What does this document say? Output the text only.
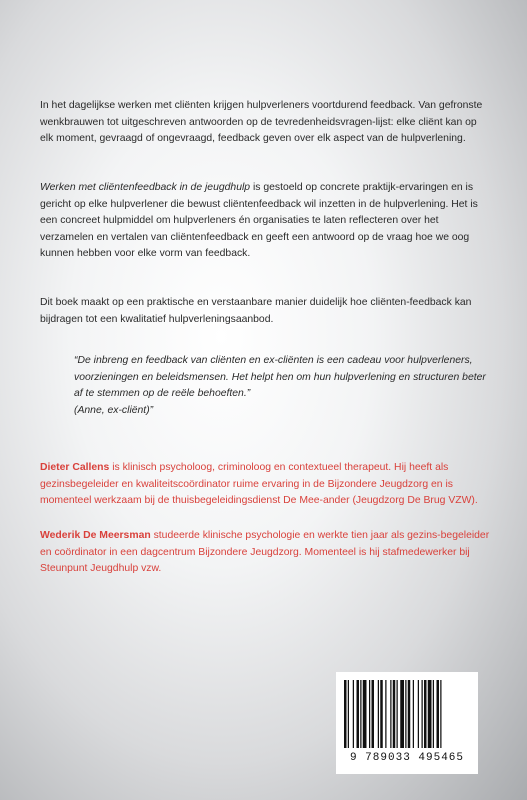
In het dagelijkse werken met cliënten krijgen hulpverleners voortdurend feedback. Van gefronste wenkbrauwen tot uitgeschreven antwoorden op de tevredenheidsvragen-lijst: elke cliënt kan op elk moment, gevraagd of ongevraagd, feedback geven over elk aspect van de hulpverlening.

Werken met cliëntenfeedback in de jeugdhulp is gestoeld op concrete praktijk-ervaringen en is gericht op elke hulpverlener die bewust cliëntenfeedback wil inzetten in de hulpverlening. Het is een concreet hulpmiddel om hulpverleners én organisaties te laten reflecteren over het verzamelen en vertalen van cliëntenfeedback en geeft een antwoord op de vraag hoe we oog kunnen hebben voor elke vorm van feedback.

Dit boek maakt op een praktische en verstaanbare manier duidelijk hoe cliënten-feedback kan bijdragen tot een kwalitatief hulpverleningsaanbod.

“De inbreng en feedback van cliënten en ex-cliënten is een cadeau voor hulpverleners, voorzieningen en beleidsmensen. Het helpt hen om hun hulpverlening en structuren beter af te stemmen op de reële behoeften.”
(Anne, ex-cliënt)”

Dieter Callens is klinisch psycholoog, criminoloog en contextueel therapeut. Hij heeft als gezinsbegeleider en kwaliteitscoördinator ruime ervaring in de Bijzondere Jeugdzorg en is momenteel werkzaam bij de thuisbegeleidingsdienst De Mee-ander (Jeugdzorg De Brug VZW).

Wederik De Meersman studeerde klinische psychologie en werkte tien jaar als gezins-begeleider en coördinator in een dagcentrum Bijzondere Jeugdzorg. Momenteel is hij stafmedewerker bij Steunpunt Jeugdhulp vzw.

9 789033 495465
